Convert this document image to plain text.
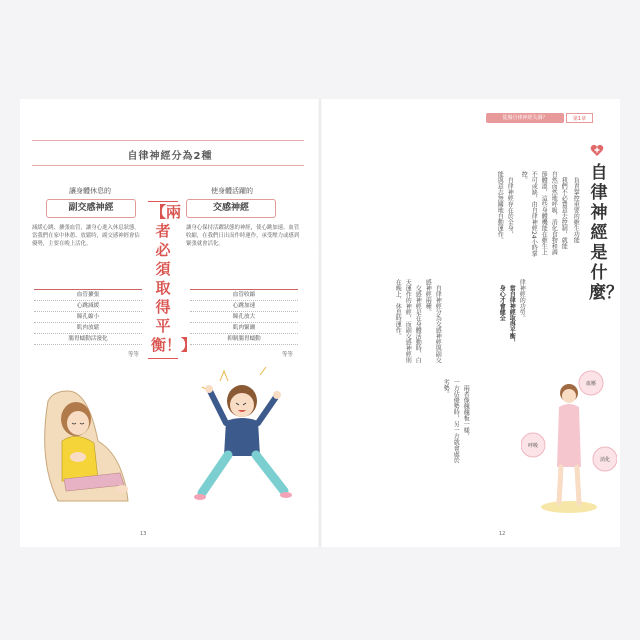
自律神經分為2種
讓身體休息的
副交感神經
減緩心跳、擴張血管，讓身心進入休息狀態。當我們在家中休憩、放鬆時，副交感神經會佔優勢，主要在晚上活化。
血管擴張
心跳減緩
瞳孔縮小
肌肉放鬆
腸胃蠕動活潑化
等等
【兩者必須取得平衡！】
使身體活躍的
交感神經
讓身心保持活躍狀態的神經，使心跳加速、血管收縮，在我們日出而作時運作，承受壓力或感到緊張就會活化。
血管收縮
心跳加速
瞳孔放大
肌肉緊繃
抑制腸胃蠕動
等等
13
從腸自律神經失調？	第1章
自律神經是什麼？
　負責掌控重要的維生功能
　我們不必費意去控制，就能
自然而然地呼吸、消化食物和調
節體溫，這些身體機能在維生上
不可或缺，由自律神經24小時掌
控。
　自律神經存在於全身，
能與意志無關地自動運作。
律神經的功勞。
　當自律神經取得平衡，
　身心才會健全
　自律神經分為交感神經與副交
感神經兩種。
　交感神經是在身體活動時、白
天運作的神經，而副交感神經則
在晚上、休息時運作。
　兩者像翹翹板一樣，
一方佔優勢時，另一方就會處於
劣勢。	血壓
呼吸
消化
12
